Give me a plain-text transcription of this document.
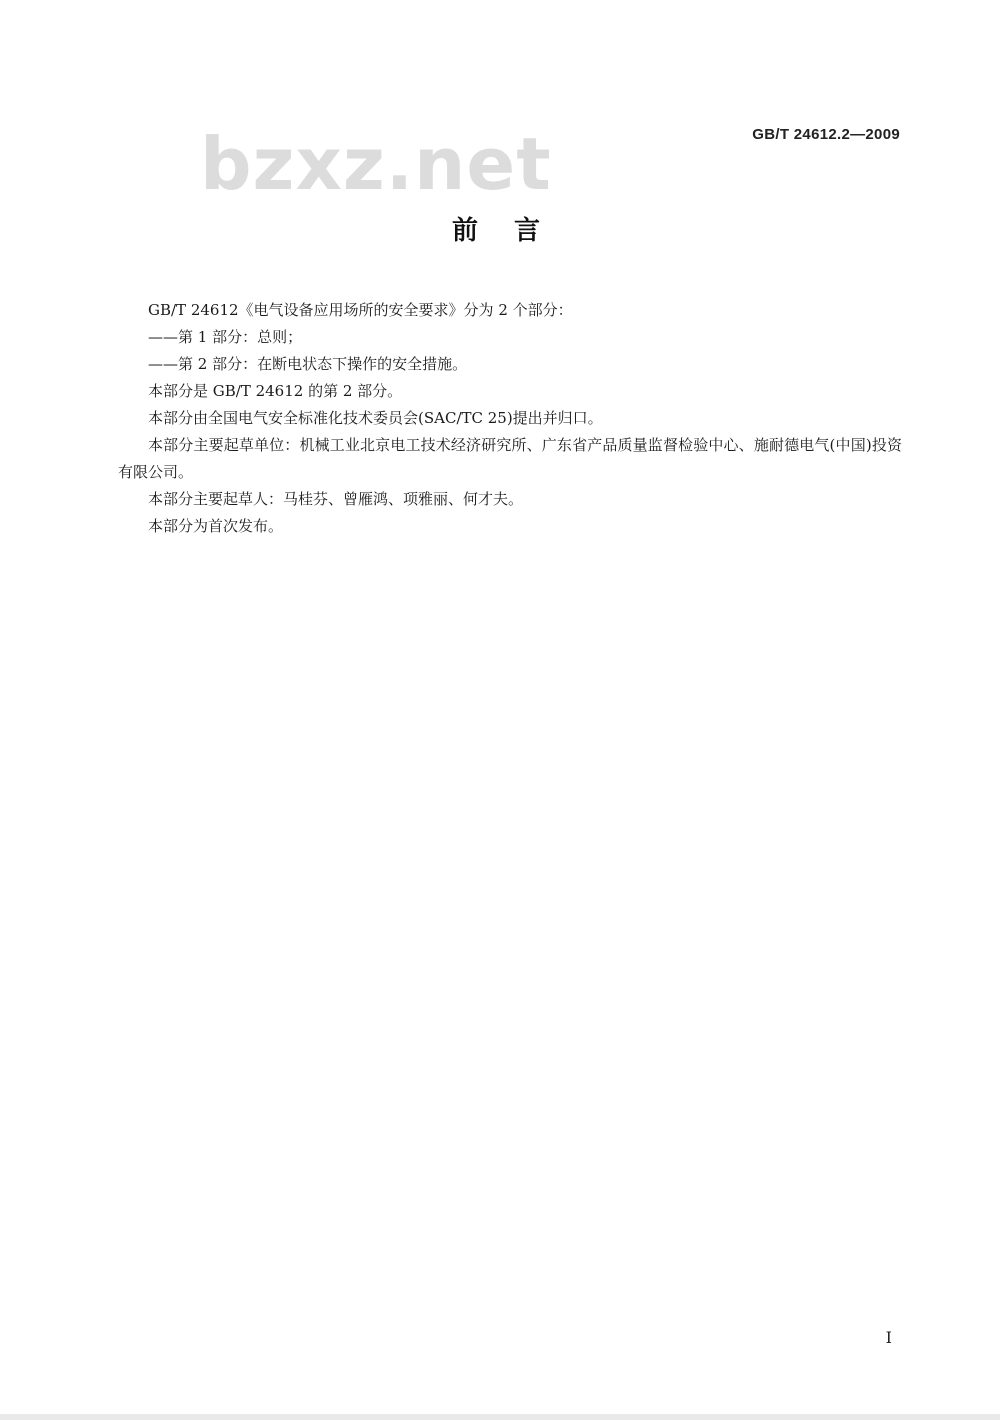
GB/T 24612.2—2009
bzxz.net
前言

GB/T 24612《电气设备应用场所的安全要求》分为 2 个部分：

——第 1 部分：总则；

——第 2 部分：在断电状态下操作的安全措施。

本部分是 GB/T 24612 的第 2 部分。

本部分由全国电气安全标准化技术委员会(SAC/TC 25)提出并归口。

本部分主要起草单位：机械工业北京电工技术经济研究所、广东省产品质量监督检验中心、施耐德电气(中国)投资有限公司。

本部分主要起草人：马桂芬、曾雁鸿、项雅丽、何才夫。

本部分为首次发布。

I
